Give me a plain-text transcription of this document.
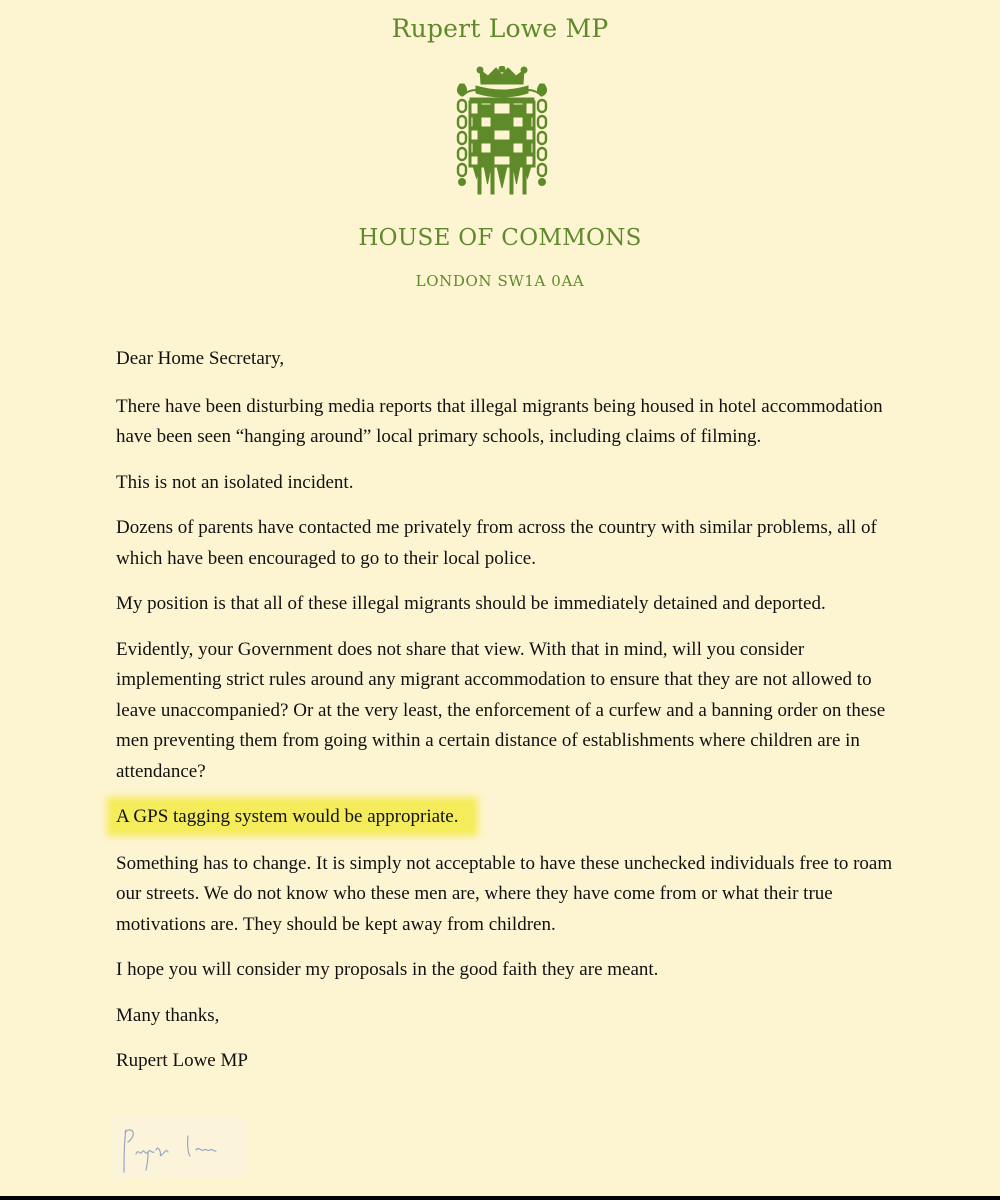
Rupert Lowe MP
HOUSE OF COMMONS
LONDON SW1A 0AA

Dear Home Secretary,

There have been disturbing media reports that illegal migrants being housed in hotel accommodation have been seen “hanging around” local primary schools, including claims of filming.

This is not an isolated incident.

Dozens of parents have contacted me privately from across the country with similar problems, all of which have been encouraged to go to their local police.

My position is that all of these illegal migrants should be immediately detained and deported.

Evidently, your Government does not share that view. With that in mind, will you consider implementing strict rules around any migrant accommodation to ensure that they are not allowed to leave unaccompanied? Or at the very least, the enforcement of a curfew and a banning order on these men preventing them from going within a certain distance of establishments where children are in attendance?

A GPS tagging system would be appropriate.

Something has to change. It is simply not acceptable to have these unchecked individuals free to roam our streets. We do not know who these men are, where they have come from or what their true motivations are. They should be kept away from children.

I hope you will consider my proposals in the good faith they are meant.

Many thanks,

Rupert Lowe MP
